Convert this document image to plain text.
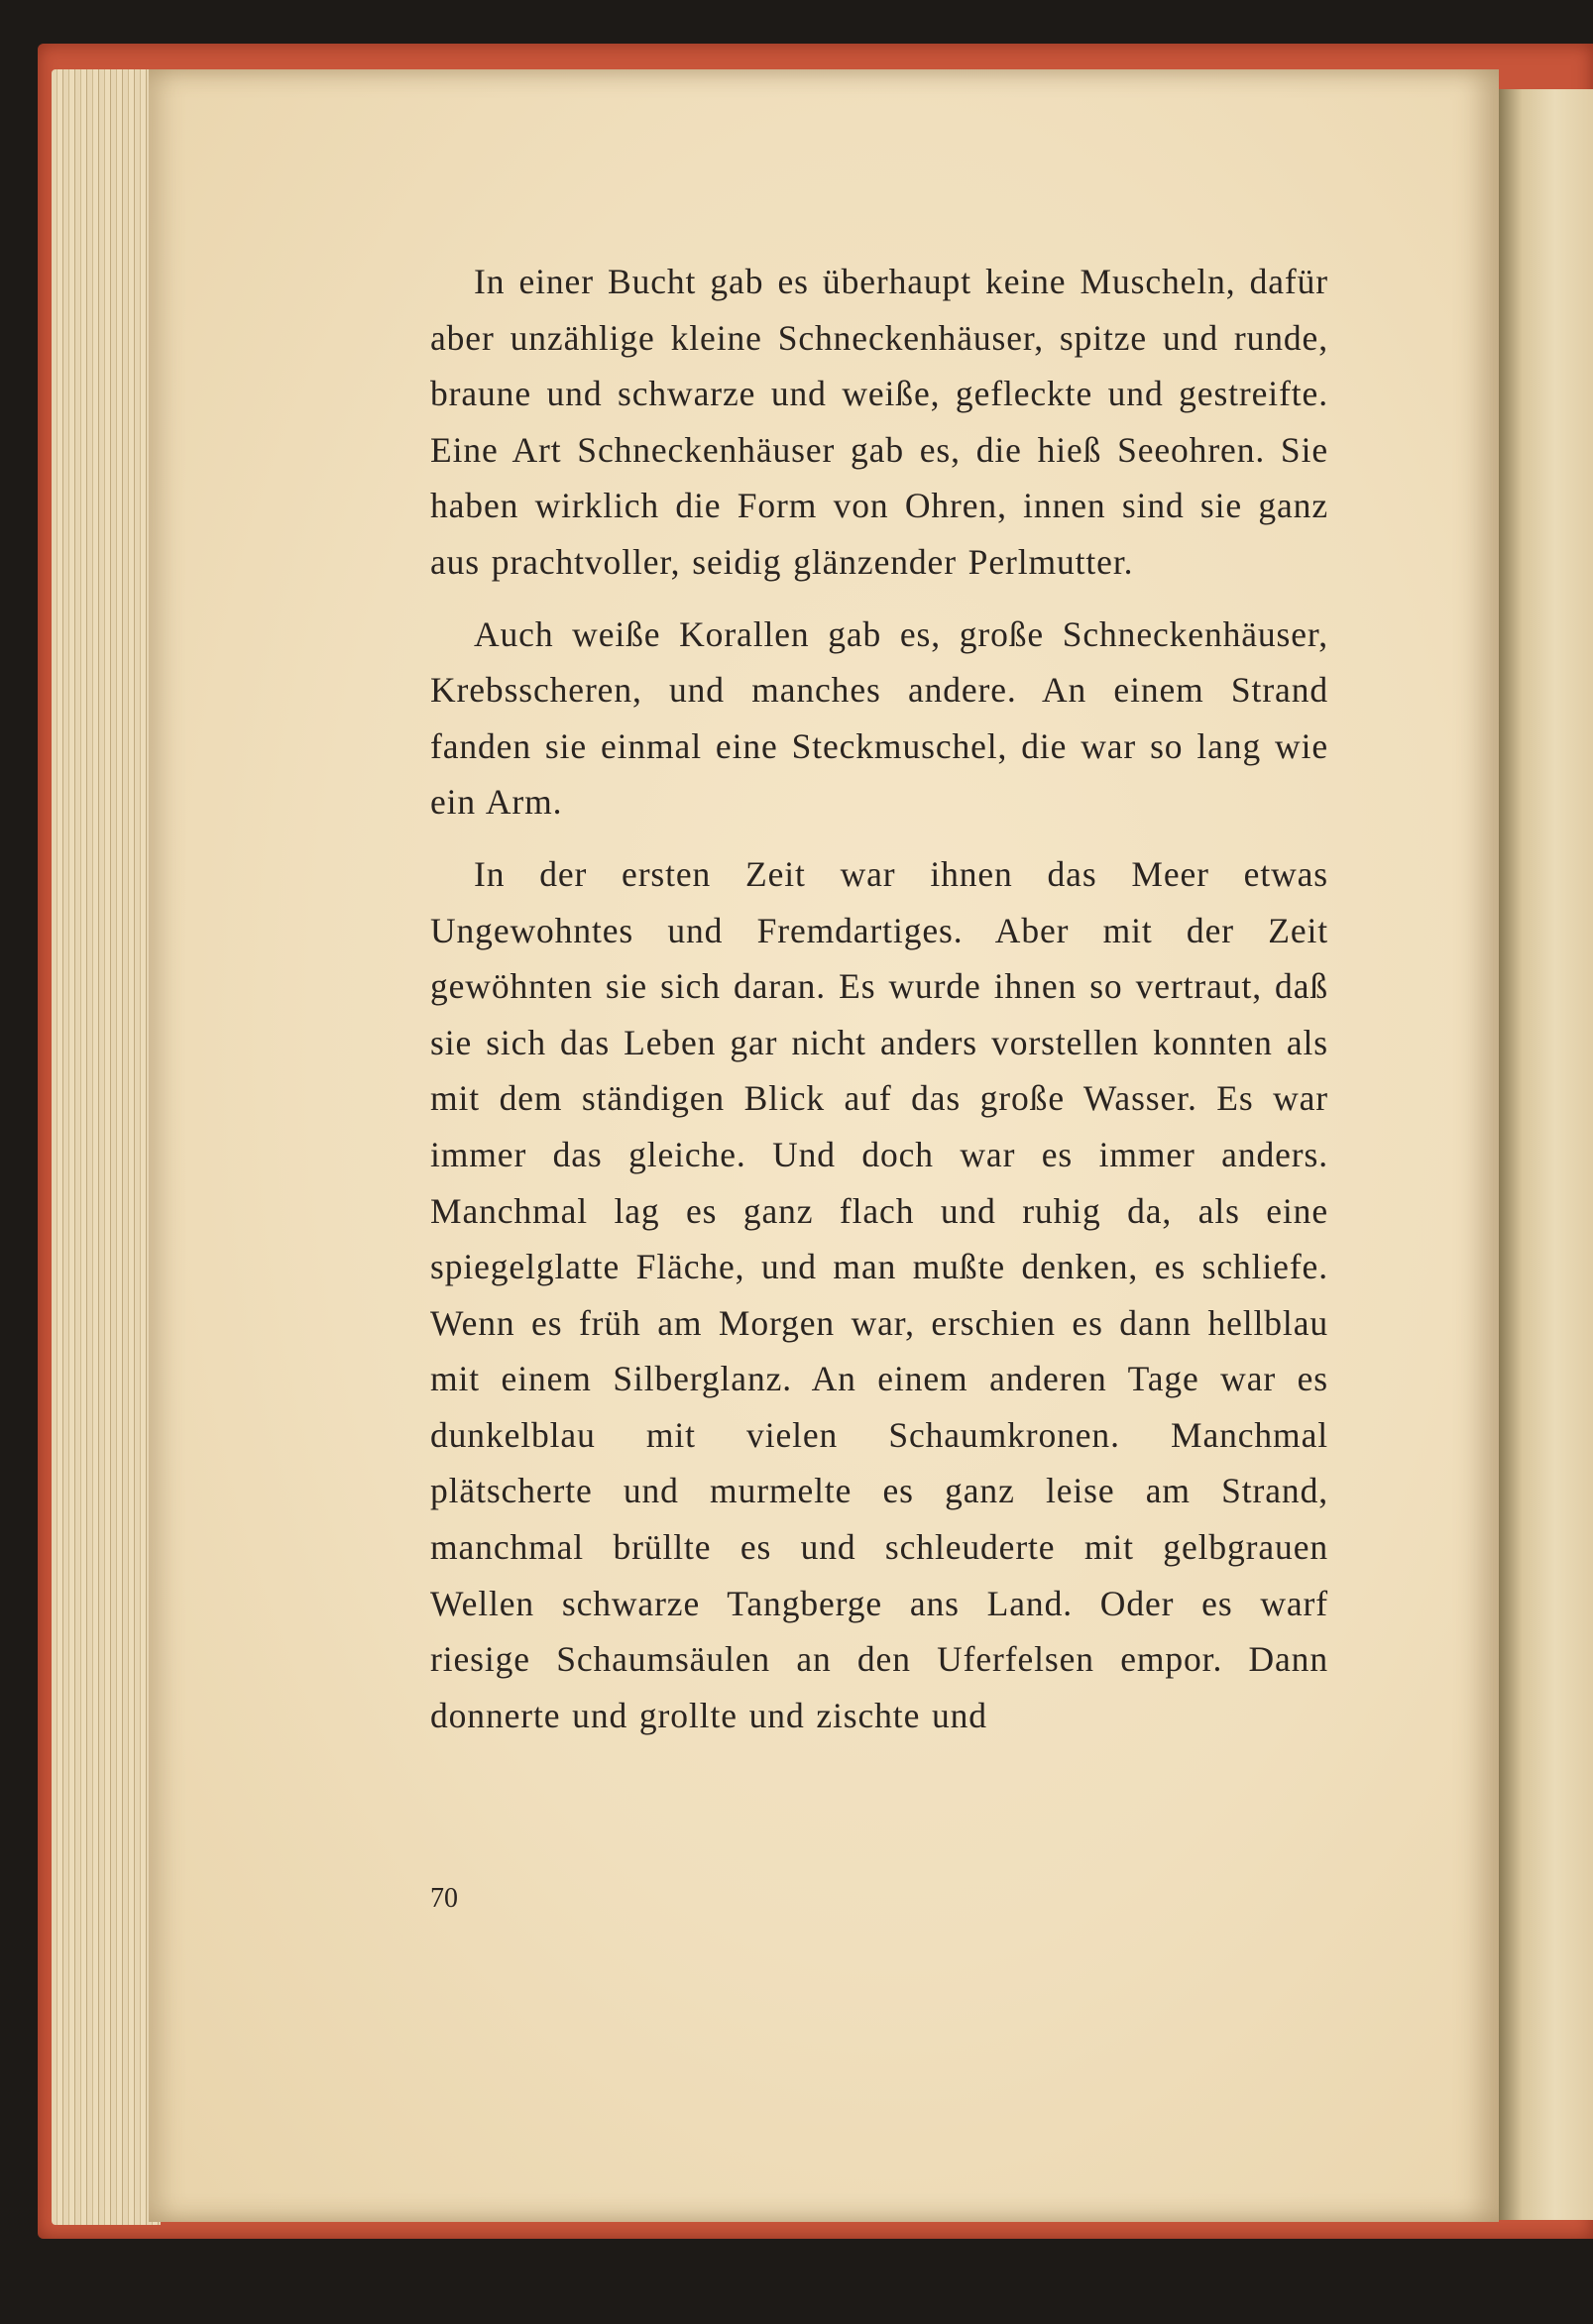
In einer Bucht gab es überhaupt keine Muscheln, dafür aber unzählige kleine Schneckenhäuser, spitze und runde, braune und schwarze und weiße, gefleckte und gestreifte. Eine Art Schneckenhäuser gab es, die hieß Seeohren. Sie haben wirklich die Form von Ohren, innen sind sie ganz aus prachtvoller, seidig glänzender Perlmutter.

Auch weiße Korallen gab es, große Schneckenhäuser, Krebsscheren, und manches andere. An einem Strand fanden sie einmal eine Steckmuschel, die war so lang wie ein Arm.

In der ersten Zeit war ihnen das Meer etwas Ungewohntes und Fremdartiges. Aber mit der Zeit gewöhnten sie sich daran. Es wurde ihnen so vertraut, daß sie sich das Leben gar nicht anders vorstellen konnten als mit dem ständigen Blick auf das große Wasser. Es war immer das gleiche. Und doch war es immer anders. Manchmal lag es ganz flach und ruhig da, als eine spiegelglatte Fläche, und man mußte denken, es schliefe. Wenn es früh am Morgen war, erschien es dann hellblau mit einem Silberglanz. An einem anderen Tage war es dunkelblau mit vielen Schaumkronen. Manchmal plätscherte und murmelte es ganz leise am Strand, manchmal brüllte es und schleuderte mit gelbgrauen Wellen schwarze Tangberge ans Land. Oder es warf riesige Schaumsäulen an den Uferfelsen empor. Dann donnerte und grollte und zischte und

70
